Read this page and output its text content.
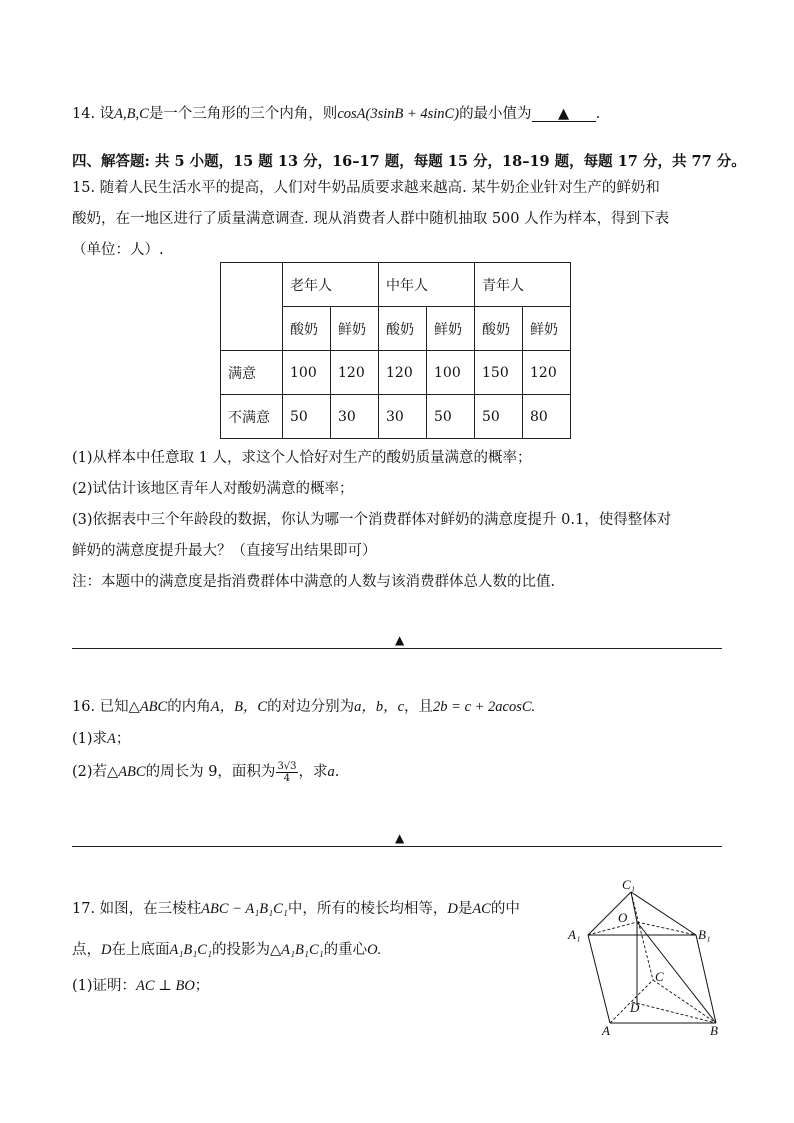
14. 设A,B,C是一个三角形的三个内角，则cosA(3sinB + 4sinC)的最小值为 ▲ .
四、解答题: 共 5 小题，15 题 13 分，16–17 题，每题 15 分，18–19 题，每题 17 分，共 77 分。
15. 随着人民生活水平的提高，人们对牛奶品质要求越来越高. 某牛奶企业针对生产的鲜奶和
酸奶，在一地区进行了质量满意调查. 现从消费者人群中随机抽取 500 人作为样本，得到下表
（单位：人）.
	老年人		中年人		青年人	
	酸奶	鲜奶	酸奶	鲜奶	酸奶	鲜奶
满意	100	120	120	100	150	120
不满意	50	30	30	50	50	80
(1)从样本中任意取 1 人，求这个人恰好对生产的酸奶质量满意的概率；
(2)试估计该地区青年人对酸奶满意的概率；
(3)依据表中三个年龄段的数据，你认为哪一个消费群体对鲜奶的满意度提升 0.1，使得整体对
鲜奶的满意度提升最大？（直接写出结果即可）
注：本题中的满意度是指消费群体中满意的人数与该消费群体总人数的比值.
▲
16. 已知△ABC的内角A，B，C的对边分别为a，b，c，且2b = c + 2acosC.
(1)求A；
(2)若△ABC的周长为 9，面积为 $\frac{3√3}{4}$ ，求a.
▲
17. 如图，在三棱柱ABC − A₁B₁C₁中，所有的棱长均相等，D是AC的中
点，D在上底面A₁B₁C₁的投影为△A₁B₁C₁的重心O.
(1)证明：AC ⊥ BO；
C₁
O
A₁	B₁
C
D
A	B
